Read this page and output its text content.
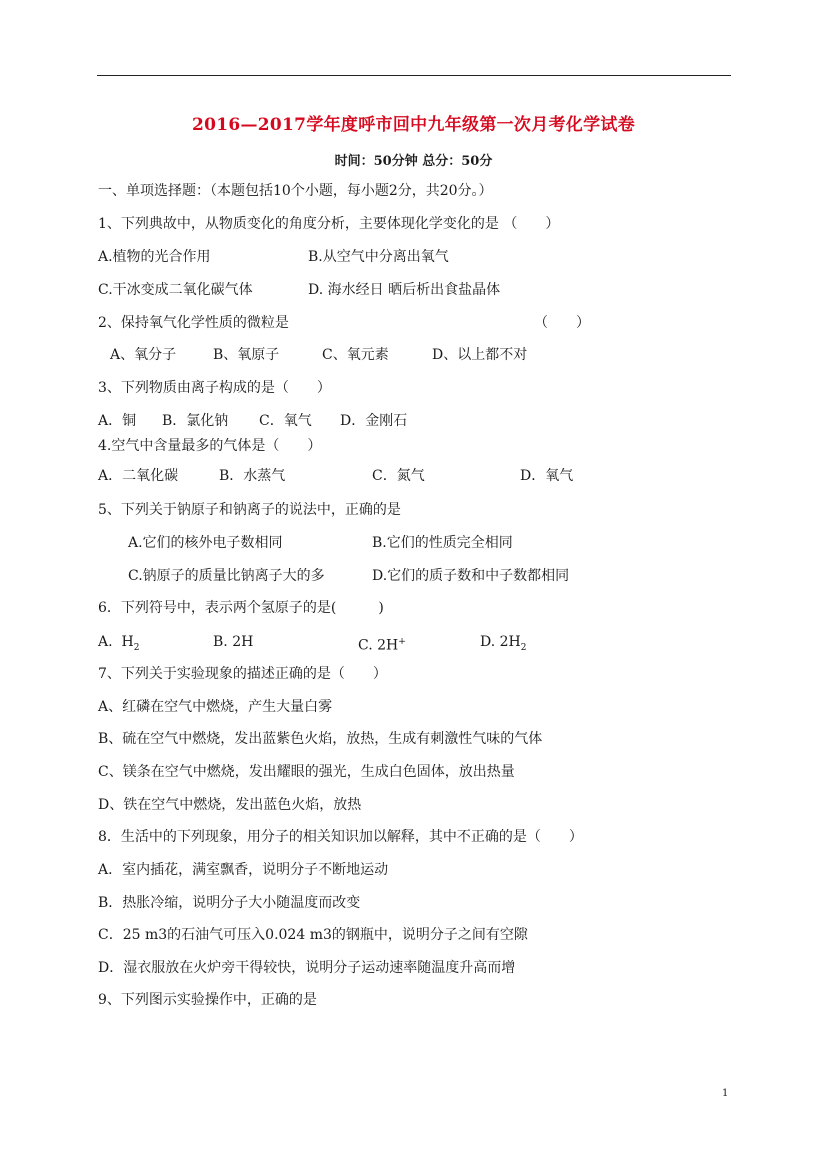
2016—2017学年度呼市回中九年级第一次月考化学试卷
时间：50分钟 总分：50分
一、单项选择题：（本题包括10个小题，每小题2分，共20分。）
1、下列典故中，从物质变化的角度分析，主要体现化学变化的是 （　　）
A.植物的光合作用	B.从空气中分离出氧气
C.干冰变成二氧化碳气体	D. 海水经日 晒后析出食盐晶体
2、保持氧气化学性质的微粒是	（　　）
A、氧分子	B、氧原子	C、氧元素	D、以上都不对
3、下列物质由离子构成的是（　　）
A．铜 B．氯化钠 C．氧气 D．金刚石
4.空气中含量最多的气体是（　　）
A．二氧化碳	B．水蒸气	C．氮气	D．氧气
5、下列关于钠原子和钠离子的说法中，正确的是
A.它们的核外电子数相同	B.它们的性质完全相同
C.钠原子的质量比钠离子大的多	D.它们的质子数和中子数都相同
6．下列符号中，表示两个氢原子的是(　　　)
A. $H_2$	B. 2H	C. 2H+	D. $2H_2$
7、下列关于实验现象的描述正确的是（　　）
A、红磷在空气中燃烧，产生大量白雾
B、硫在空气中燃烧，发出蓝紫色火焰，放热，生成有刺激性气味的气体
C、镁条在空气中燃烧，发出耀眼的强光，生成白色固体，放出热量
D、铁在空气中燃烧，发出蓝色火焰，放热
8．生活中的下列现象，用分子的相关知识加以解释，其中不正确的是（　　）
A．室内插花，满室飘香，说明分子不断地运动
B．热胀冷缩，说明分子大小随温度而改变
C．25 m3的石油气可压入0.024 m3的钢瓶中，说明分子之间有空隙
D．湿衣服放在火炉旁干得较快，说明分子运动速率随温度升高而增
9、下列图示实验操作中，正确的是
1
